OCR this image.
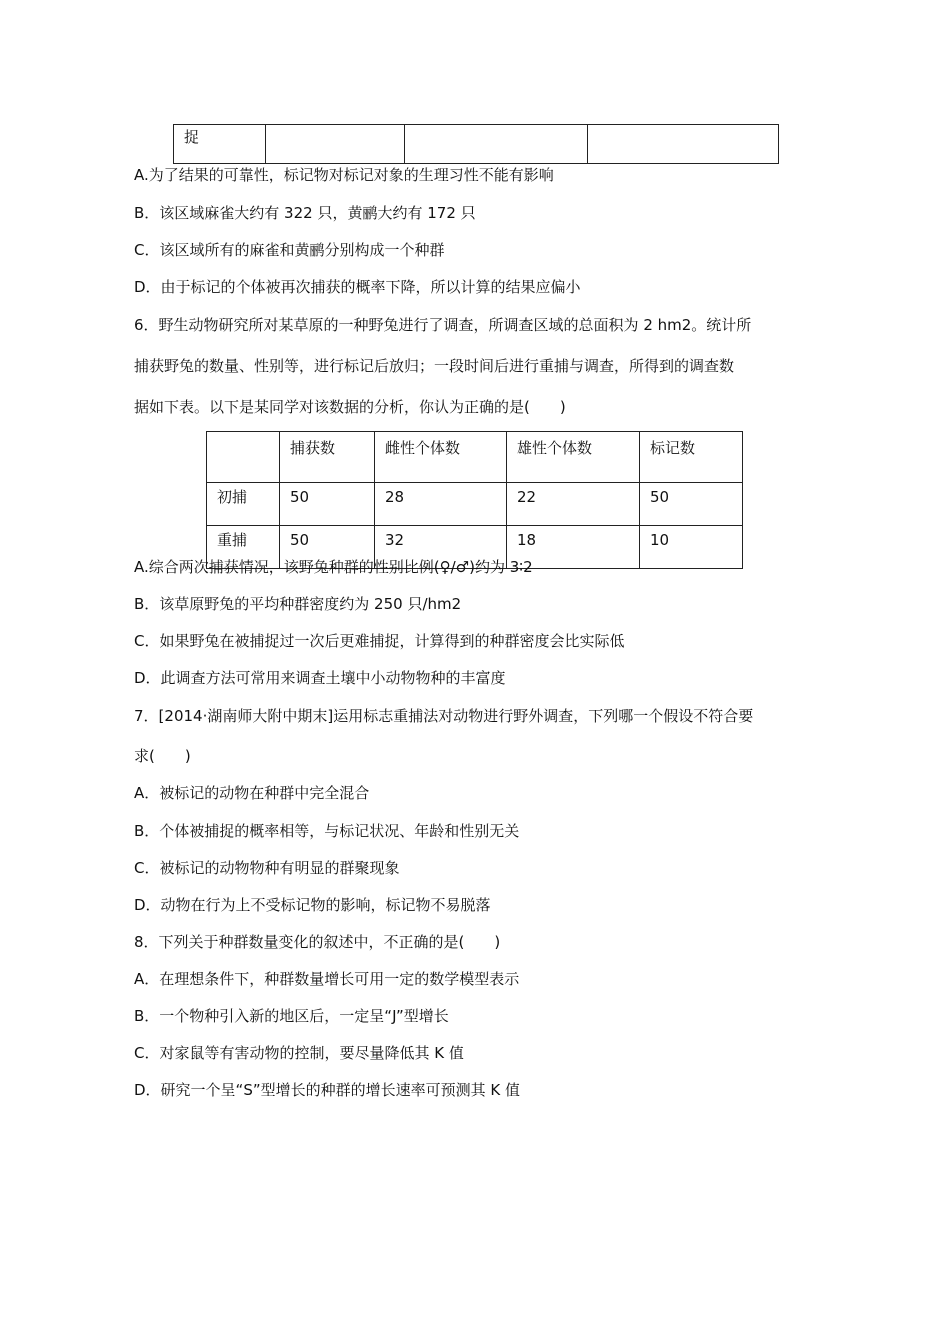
捉			
A.为了结果的可靠性，标记物对标记对象的生理习性不能有影响
B．该区域麻雀大约有 322 只，黄鹂大约有 172 只
C．该区域所有的麻雀和黄鹂分别构成一个种群
D．由于标记的个体被再次捕获的概率下降，所以计算的结果应偏小
6．野生动物研究所对某草原的一种野兔进行了调查，所调查区域的总面积为 2 hm2。统计所
捕获野兔的数量、性别等，进行标记后放归；一段时间后进行重捕与调查，所得到的调查数
据如下表。以下是某同学对该数据的分析，你认为正确的是(　　)
	捕获数	雌性个体数	雄性个体数	标记数
初捕	50	28	22	50
重捕	50	32	18	10
A.综合两次捕获情况，该野兔种群的性别比例(♀/♂)约为 3∶2
B．该草原野兔的平均种群密度约为 250 只/hm2
C．如果野兔在被捕捉过一次后更难捕捉，计算得到的种群密度会比实际低
D．此调查方法可常用来调查土壤中小动物物种的丰富度
7．[2014·湖南师大附中期末]运用标志重捕法对动物进行野外调查，下列哪一个假设不符合要
求(　　)
A．被标记的动物在种群中完全混合
B．个体被捕捉的概率相等，与标记状况、年龄和性别无关
C．被标记的动物物种有明显的群聚现象
D．动物在行为上不受标记物的影响，标记物不易脱落
8．下列关于种群数量变化的叙述中，不正确的是(　　)
A．在理想条件下，种群数量增长可用一定的数学模型表示
B．一个物种引入新的地区后，一定呈“J”型增长
C．对家鼠等有害动物的控制，要尽量降低其 K 值
D．研究一个呈“S”型增长的种群的增长速率可预测其 K 值
